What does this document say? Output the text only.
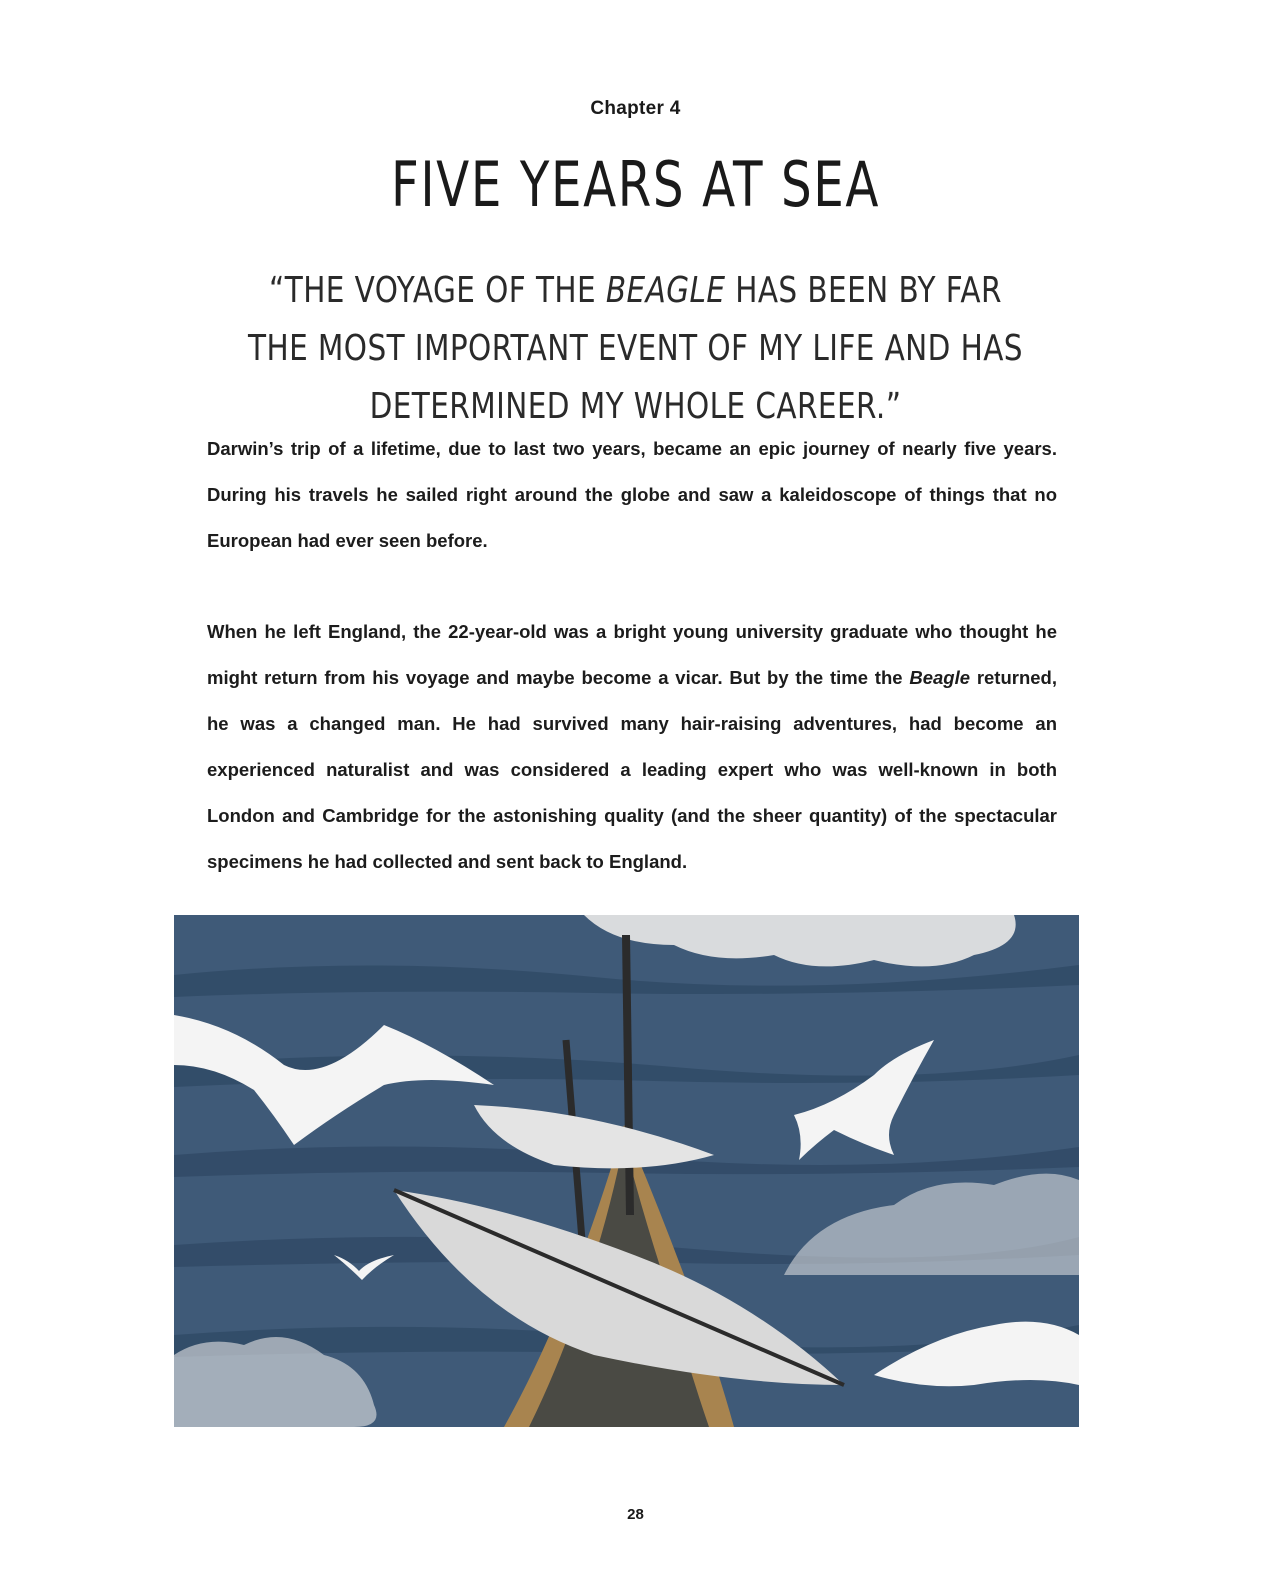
Chapter 4
FIVE YEARS AT SEA
“THE VOYAGE OF THE BEAGLE HAS BEEN BY FAR THE MOST IMPORTANT EVENT OF MY LIFE AND HAS DETERMINED MY WHOLE CAREER.”
Darwin’s trip of a lifetime, due to last two years, became an epic journey of nearly five years. During his travels he sailed right around the globe and saw a kaleidoscope of things that no European had ever seen before.
When he left England, the 22-year-old was a bright young university graduate who thought he might return from his voyage and maybe become a vicar. But by the time the Beagle returned, he was a changed man. He had survived many hair-raising adventures, had become an experienced naturalist and was considered a leading expert who was well-known in both London and Cambridge for the astonishing quality (and the sheer quantity) of the spectacular specimens he had collected and sent back to England.
28
